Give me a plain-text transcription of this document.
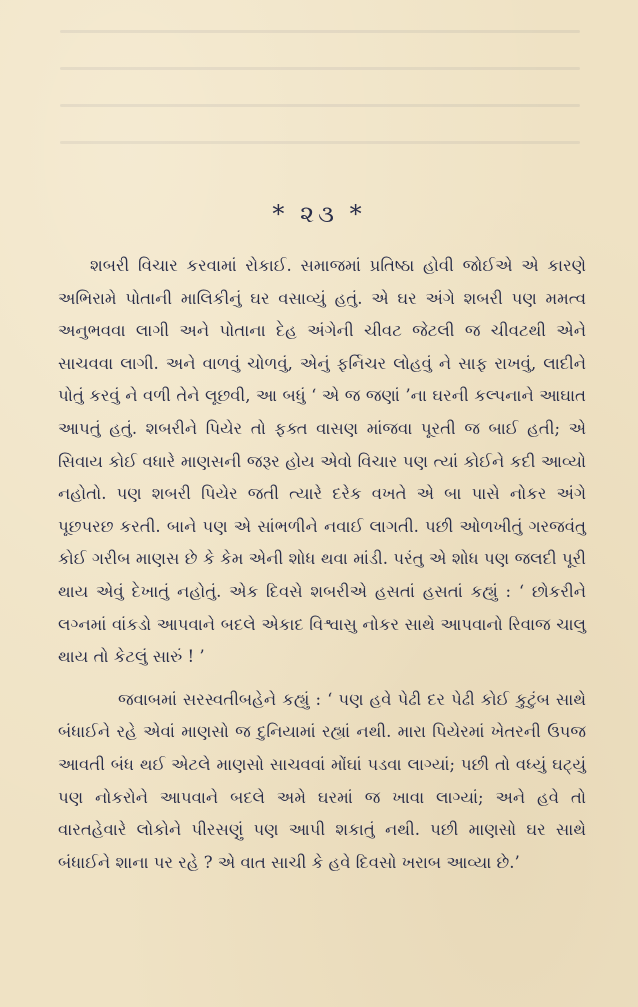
* ૨૩ *

શબરી વિચાર કરવામાં રોકાઈ. સમાજમાં પ્રતિષ્ઠા હોવી જોઈએ એ કારણે અભિરામે પોતાની માલિકીનું ઘર વસાવ્યું હતું. એ ઘર અંગે શબરી પણ મમત્વ અનુભવવા લાગી અને પોતાના દેહ અંગેની ચીવટ જેટલી જ ચીવટથી એને સાચવવા લાગી. અને વાળવું ચોળવું, એનું ફર્નિચર લોહવું ને સાફ રાખવું, લાદીને પોતું કરવું ને વળી તેને લૂછવી, આ બધું ‘ એ જ જણાં ’ના ઘરની કલ્પનાને આઘાત આપતું હતું. શબરીને પિયેર તો ફક્ત વાસણ માંજવા પૂરતી જ બાઈ હતી; એ સિવાય કોઈ વધારે માણસની જરૂર હોય એવો વિચાર પણ ત્યાં કોઈને કદી આવ્યો નહોતો. પણ શબરી પિયેર જતી ત્યારે દરેક વખતે એ બા પાસે નોકર અંગે પૂછપરછ કરતી. બાને પણ એ સાંભળીને નવાઈ લાગતી. પછી ઓળખીતું ગરજવંતુ કોઈ ગરીબ માણસ છે કે કેમ એની શોધ થવા માંડી. પરંતુ એ શોધ પણ જલદી પૂરી થાય એવું દેખાતું નહોતું. એક દિવસે શબરીએ હસતાં હસતાં કહ્યું : ‘ છોકરીને લગ્નમાં વાંકડો આપવાને બદલે એકાદ વિશ્વાસુ નોકર સાથે આપવાનો રિવાજ ચાલુ થાય તો કેટલું સારું ! ’

જવાબમાં સરસ્વતીબહેને કહ્યું : ‘ પણ હવે પેઢી દર પેઢી કોઈ કુટુંબ સાથે બંધાઈને રહે એવાં માણસો જ દુનિયામાં રહ્યાં નથી. મારા પિયેરમાં ખેતરની ઉપજ આવતી બંધ થઈ એટલે માણસો સાચવવાં મોંઘાં પડવા લાગ્યાં; પછી તો વધ્યું ઘટ્યું પણ નોકરોને આપવાને બદલે અમે ઘરમાં જ ખાવા લાગ્યાં; અને હવે તો વારતહેવારે લોકોને પીરસણું પણ આપી શકાતું નથી. પછી માણસો ઘર સાથે બંધાઈને શાના પર રહે ? એ વાત સાચી કે હવે દિવસો ખરાબ આવ્યા છે.’
